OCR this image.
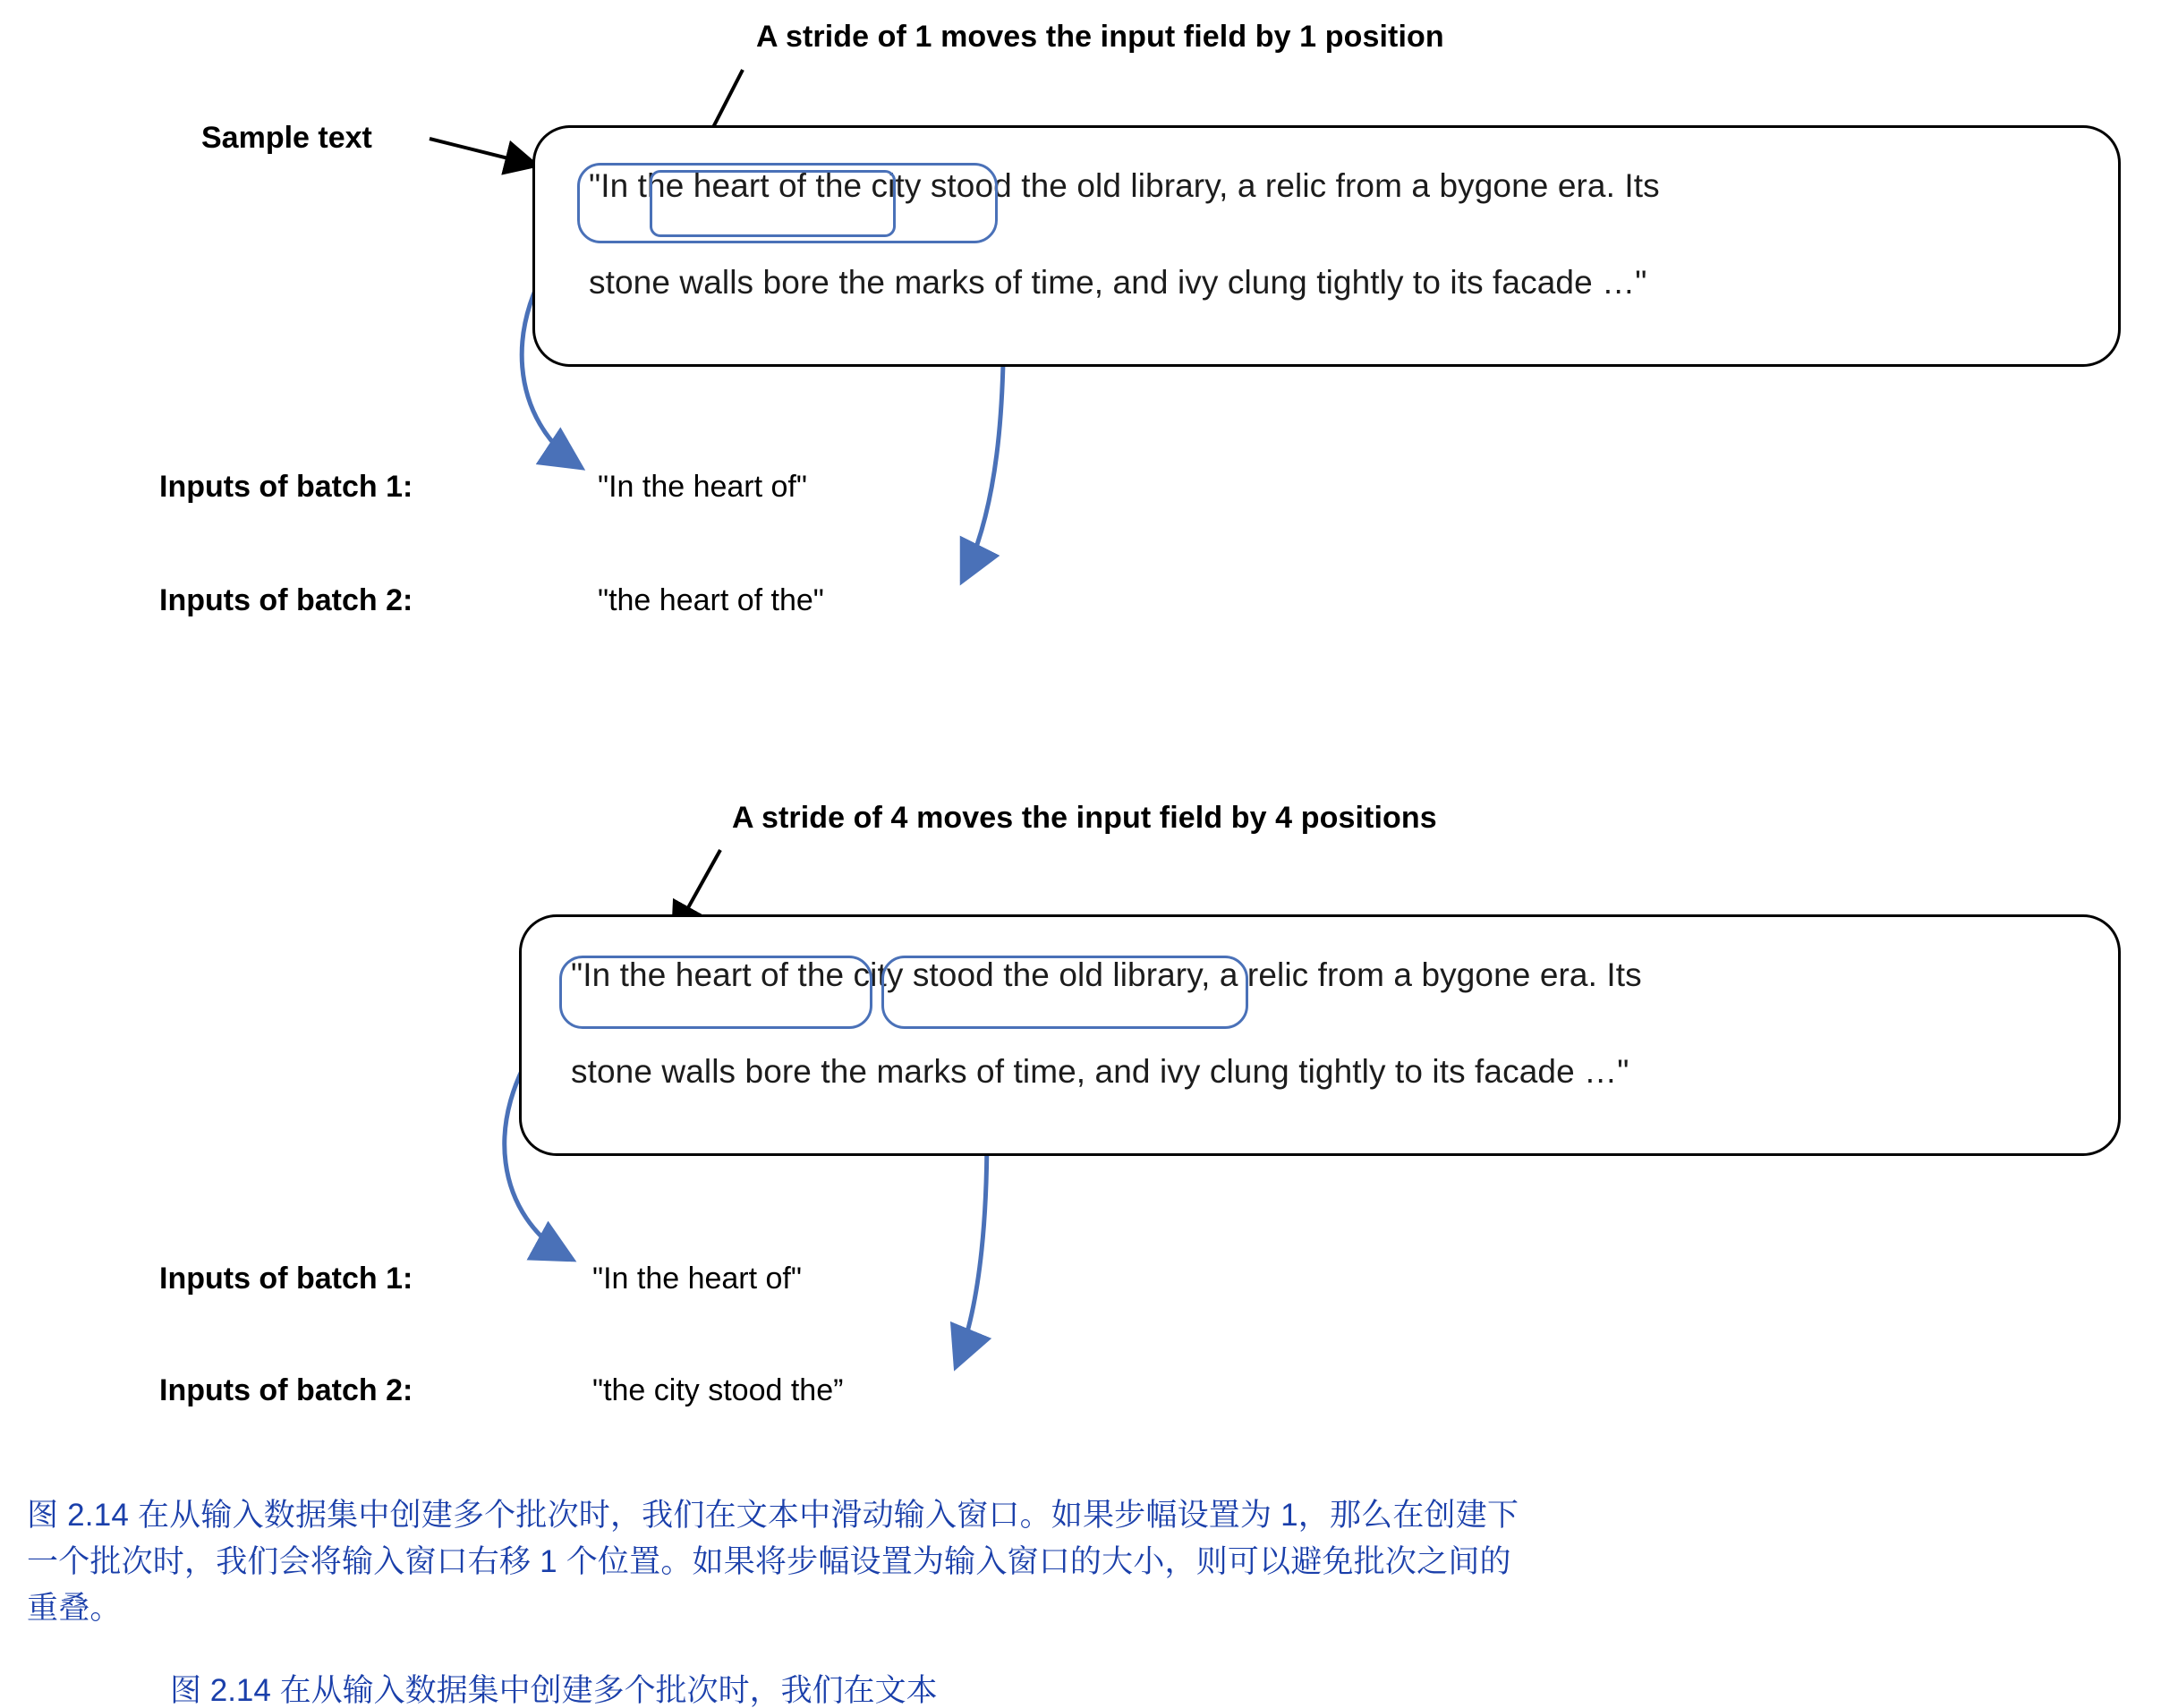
A stride of 1 moves the input field by 1 position
Sample text
"In the heart of the city stood the old library, a relic from a bygone era. Its
stone walls bore the marks of time, and ivy clung tightly to its facade …"
Inputs of batch 1:	"In the heart of"
Inputs of batch 2:	"the heart of the"
A stride of 4 moves the input field by 4 positions
"In the heart of the city stood the old library, a relic from a bygone era. Its
stone walls bore the marks of time, and ivy clung tightly to its facade …"
Inputs of batch 1:	"In the heart of"
Inputs of batch 2:	"the city stood the”
图 2.14 在从输入数据集中创建多个批次时，我们在文本中滑动输入窗口。如果步幅设置为 1，那么在创建下
一个批次时，我们会将输入窗口右移 1 个位置。如果将步幅设置为输入窗口的大小，则可以避免批次之间的
重叠。
图 2.14 在从输入数据集中创建多个批次时，我们在文本
